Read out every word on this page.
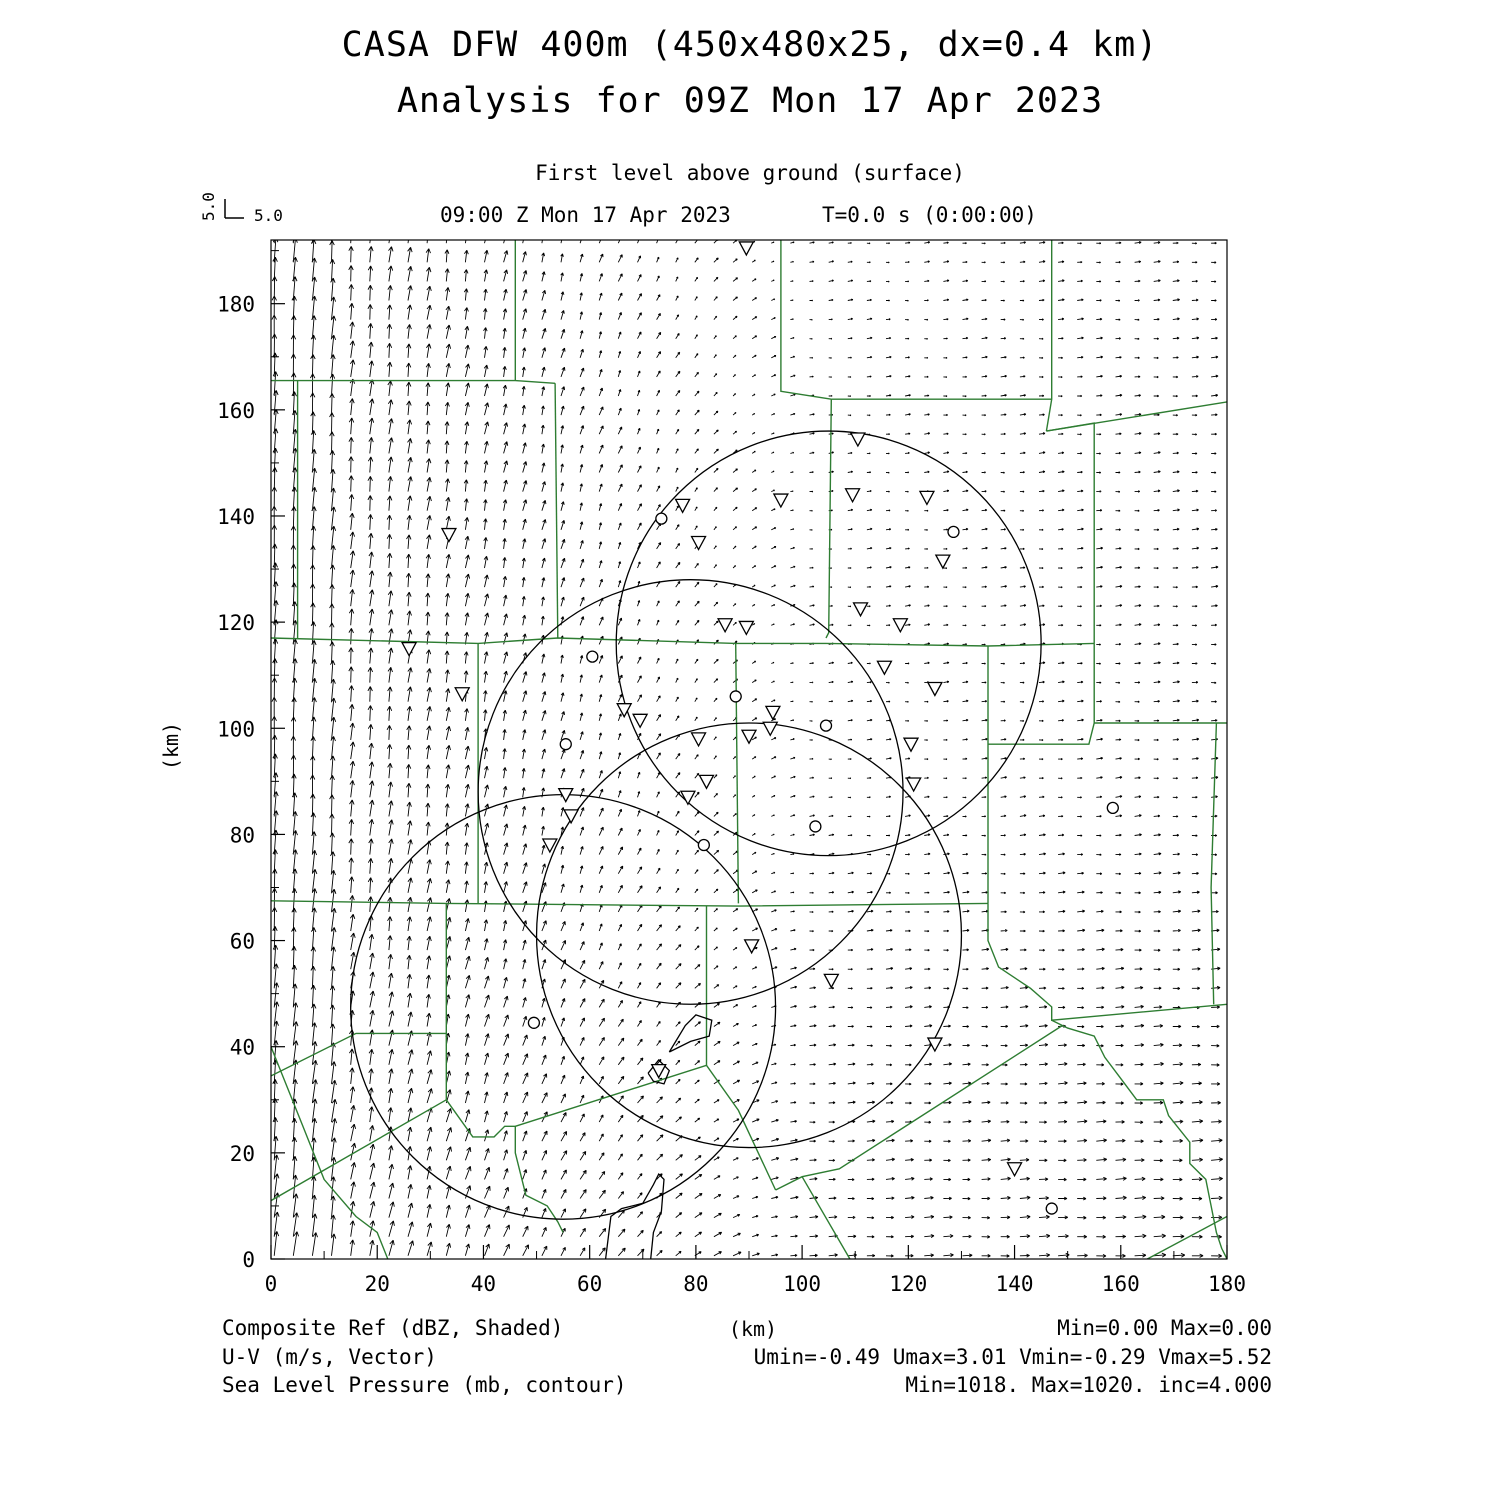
CASA DFW 400m (450x480x25, dx=0.4 km)
Analysis for 09Z Mon 17 Apr 2023
First level above ground (surface)
09:00 Z Mon 17 Apr 2023	T=0.0 s (0:00:00)
5.0
5.0
0	20	40	60	80	100	120	140	160	180
0
20
40
60
80
100
120
140
160
180
(km)
(km)
Composite Ref (dBZ, Shaded)	Min=0.00 Max=0.00
U-V (m/s, Vector)	Umin=-0.49 Umax=3.01 Vmin=-0.29 Vmax=5.52
Sea Level Pressure (mb, contour)	Min=1018. Max=1020. inc=4.000
